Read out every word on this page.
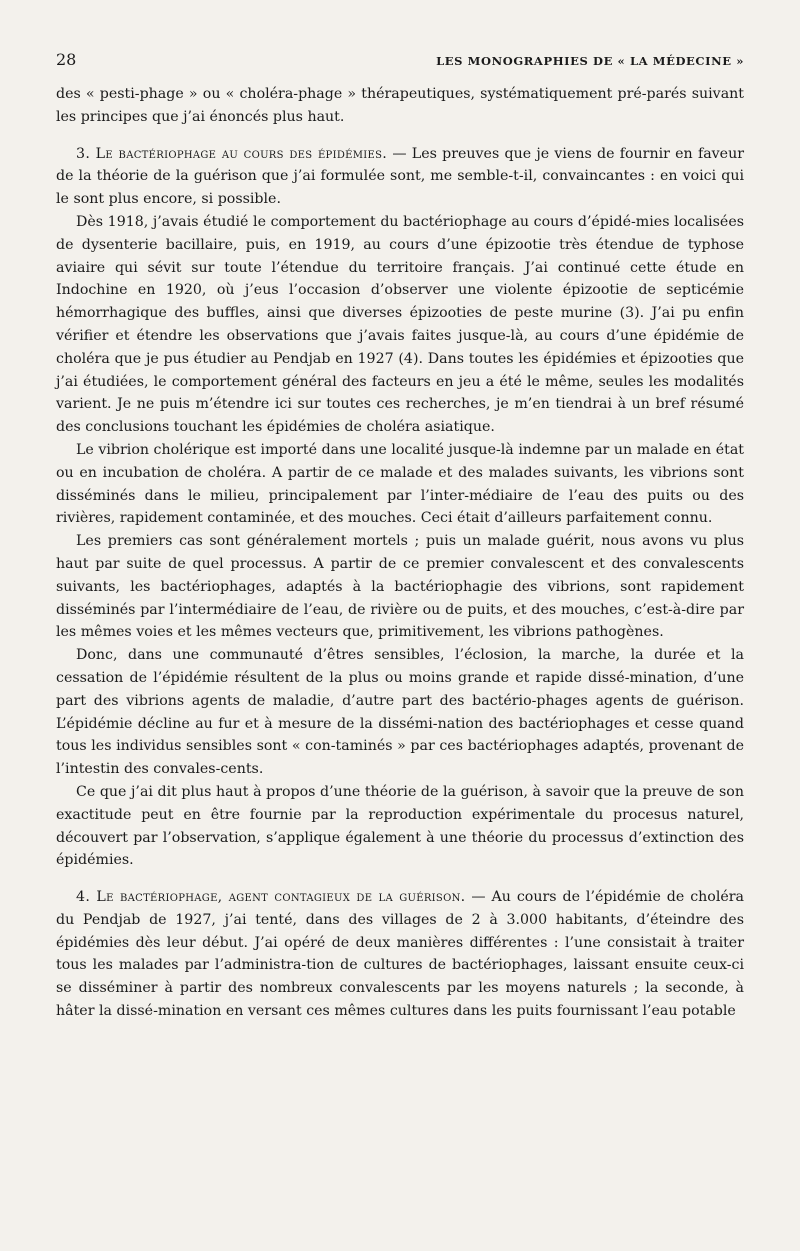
28	LES MONOGRAPHIES DE « LA MÉDECINE »

des « pesti-phage » ou « choléra-phage » thérapeutiques, systématiquement pré-parés suivant les principes que j’ai énoncés plus haut.

3. Le bactériophage au cours des épidémies. — Les preuves que je viens de fournir en faveur de la théorie de la guérison que j’ai formulée sont, me semble-t-il, convaincantes : en voici qui le sont plus encore, si possible.

Dès 1918, j’avais étudié le comportement du bactériophage au cours d’épidé-mies localisées de dysenterie bacillaire, puis, en 1919, au cours d’une épizootie très étendue de typhose aviaire qui sévit sur toute l’étendue du territoire français. J’ai continué cette étude en Indochine en 1920, où j’eus l’occasion d’observer une violente épizootie de septicémie hémorrhagique des buffles, ainsi que diverses épizooties de peste murine (3). J’ai pu enfin vérifier et étendre les observations que j’avais faites jusque-là, au cours d’une épidémie de choléra que je pus étudier au Pendjab en 1927 (4). Dans toutes les épidémies et épizooties que j’ai étudiées, le comportement général des facteurs en jeu a été le même, seules les modalités varient. Je ne puis m’étendre ici sur toutes ces recherches, je m’en tiendrai à un bref résumé des conclusions touchant les épidémies de choléra asiatique.

Le vibrion cholérique est importé dans une localité jusque-là indemne par un malade en état ou en incubation de choléra. A partir de ce malade et des malades suivants, les vibrions sont disséminés dans le milieu, principalement par l’inter-médiaire de l’eau des puits ou des rivières, rapidement contaminée, et des mouches. Ceci était d’ailleurs parfaitement connu.

Les premiers cas sont généralement mortels ; puis un malade guérit, nous avons vu plus haut par suite de quel processus. A partir de ce premier convalescent et des convalescents suivants, les bactériophages, adaptés à la bactériophagie des vibrions, sont rapidement disséminés par l’intermédiaire de l’eau, de rivière ou de puits, et des mouches, c’est-à-dire par les mêmes voies et les mêmes vecteurs que, primitivement, les vibrions pathogènes.

Donc, dans une communauté d’êtres sensibles, l’éclosion, la marche, la durée et la cessation de l’épidémie résultent de la plus ou moins grande et rapide dissé-mination, d’une part des vibrions agents de maladie, d’autre part des bactério-phages agents de guérison. L’épidémie décline au fur et à mesure de la dissémi-nation des bactériophages et cesse quand tous les individus sensibles sont « con-taminés » par ces bactériophages adaptés, provenant de l’intestin des convales-cents.

Ce que j’ai dit plus haut à propos d’une théorie de la guérison, à savoir que la preuve de son exactitude peut en être fournie par la reproduction expérimentale du procesus naturel, découvert par l’observation, s’applique également à une théorie du processus d’extinction des épidémies.

4. Le bactériophage, agent contagieux de la guérison. — Au cours de l’épidémie de choléra du Pendjab de 1927, j’ai tenté, dans des villages de 2 à 3.000 habitants, d’éteindre des épidémies dès leur début. J’ai opéré de deux manières différentes : l’une consistait à traiter tous les malades par l’administra-tion de cultures de bactériophages, laissant ensuite ceux-ci se disséminer à partir des nombreux convalescents par les moyens naturels ; la seconde, à hâter la dissé-mination en versant ces mêmes cultures dans les puits fournissant l’eau potable
